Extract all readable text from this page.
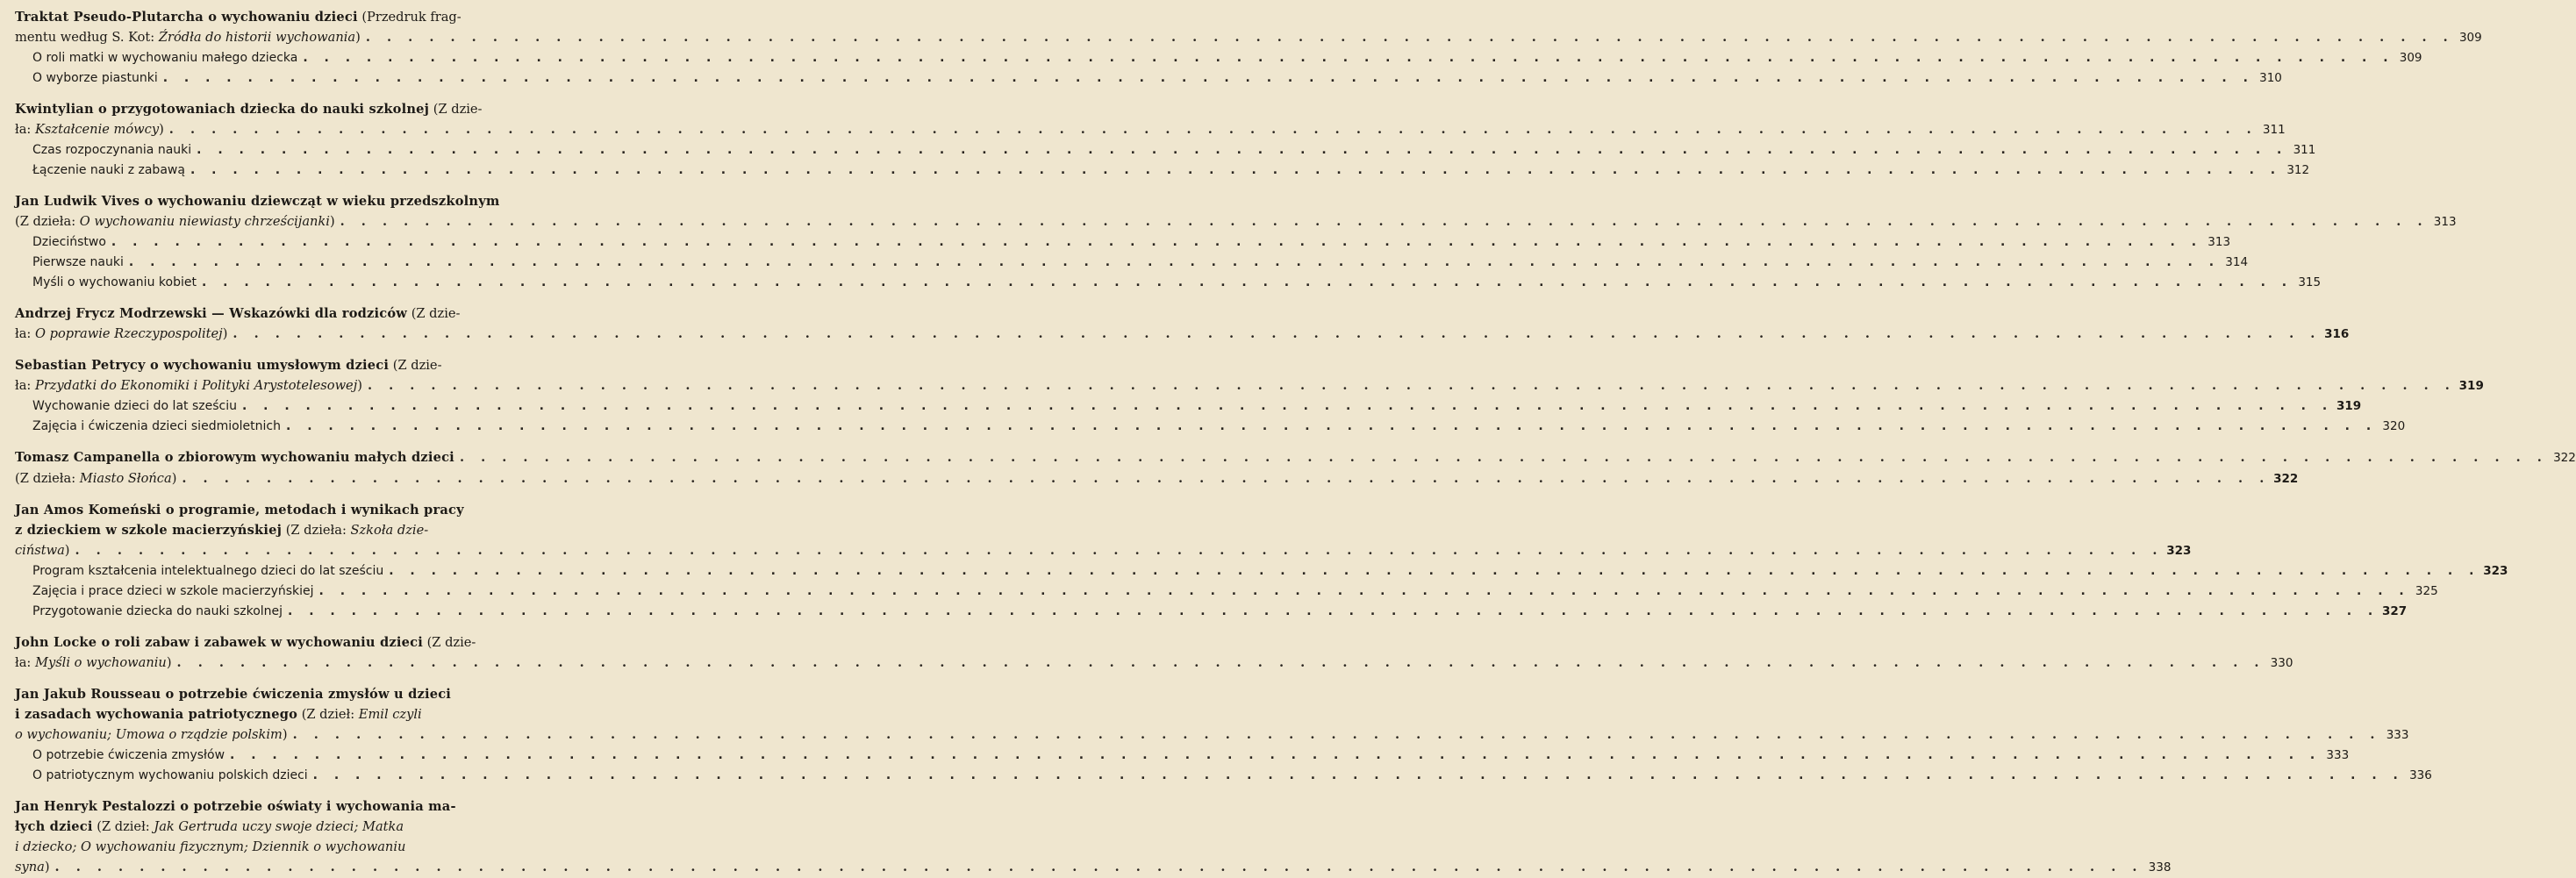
Traktat Pseudo-Plutarcha o wychowaniu dzieci (Przedruk frag-
mentu według S. Kot: Źródła do historii wychowania) . . .	309
O roli matki w wychowaniu małego dziecka . . .	309
O wyborze piastunki . . .	310
Kwintylian o przygotowaniach dziecka do nauki szkolnej (Z dzie-
ła: Kształcenie mówcy) . . .	311
Czas rozpoczynania nauki . . .	311
Łączenie nauki z zabawą . . .	312
Jan Ludwik Vives o wychowaniu dziewcząt w wieku przedszkolnym
(Z dzieła: O wychowaniu niewiasty chrześcijanki) . . .	313
Dzieciństwo . . .	313
Pierwsze nauki . . .	314
Myśli o wychowaniu kobiet . . .	315
Andrzej Frycz Modrzewski — Wskazówki dla rodziców (Z dzie-
ła: O poprawie Rzeczypospolitej) . . .	316
Sebastian Petrycy o wychowaniu umysłowym dzieci (Z dzie-
ła: Przydatki do Ekonomiki i Polityki Arystotelesowej) . . .	319
Wychowanie dzieci do lat sześciu . . .	319
Zajęcia i ćwiczenia dzieci siedmioletnich . . .	320
Tomasz Campanella o zbiorowym wychowaniu małych dzieci . . .	322
(Z dzieła: Miasto Słońca) . . .	322
Jan Amos Komeński o programie, metodach i wynikach pracy
z dzieckiem w szkole macierzyńskiej (Z dzieła: Szkoła dzie-
ciństwa) . . .	323
Program kształcenia intelektualnego dzieci do lat sześciu . . .	323
Zajęcia i prace dzieci w szkole macierzyńskiej . . .	325
Przygotowanie dziecka do nauki szkolnej . . .	327
John Locke o roli zabaw i zabawek w wychowaniu dzieci (Z dzie-
ła: Myśli o wychowaniu) . . .	330
Jan Jakub Rousseau o potrzebie ćwiczenia zmysłów u dzieci
i zasadach wychowania patriotycznego (Z dzieł: Emil czyli
o wychowaniu; Umowa o rządzie polskim) . . .	333
O potrzebie ćwiczenia zmysłów . . .	333
O patriotycznym wychowaniu polskich dzieci . . .	336
Jan Henryk Pestalozzi o potrzebie oświaty i wychowania ma-
łych dzieci (Z dzieł: Jak Gertruda uczy swoje dzieci; Matka
i dziecko; O wychowaniu fizycznym; Dziennik o wychowaniu
syna) . . .	338
